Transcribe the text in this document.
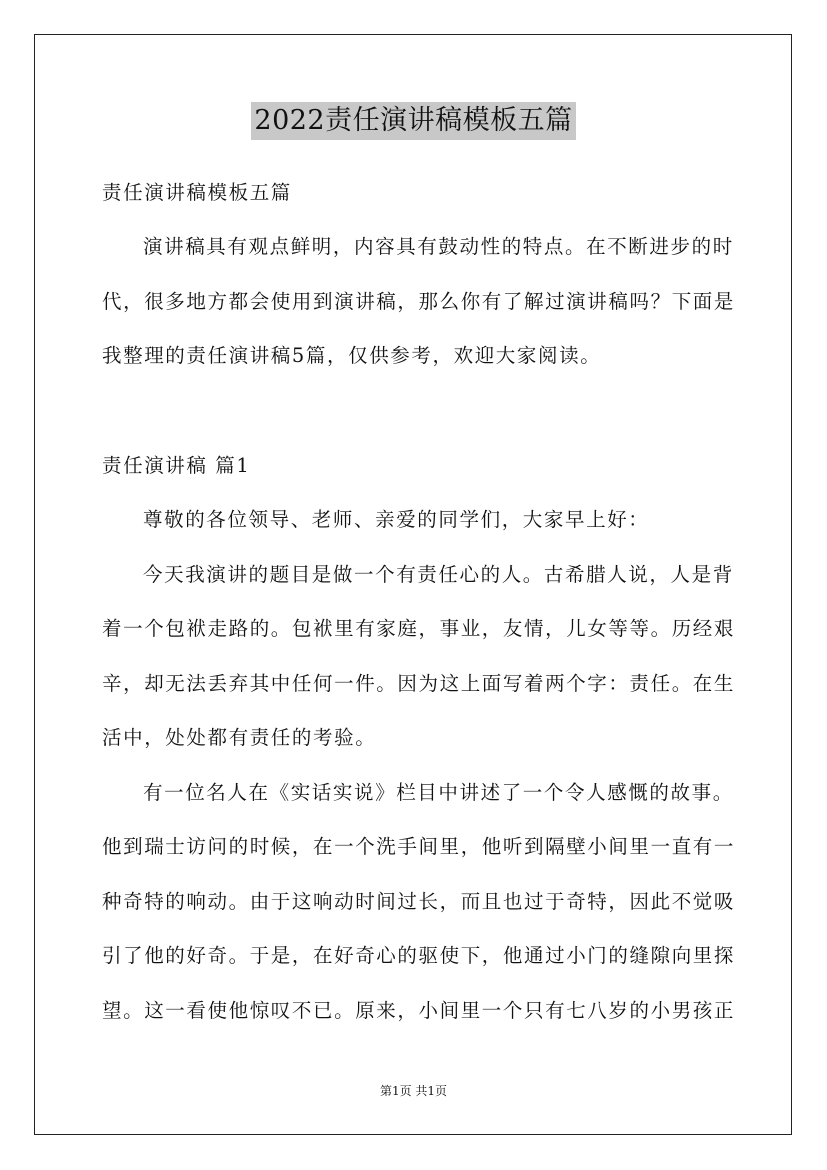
2022责任演讲稿模板五篇
责任演讲稿模板五篇
演讲稿具有观点鲜明，内容具有鼓动性的特点。在不断进步的时
代，很多地方都会使用到演讲稿，那么你有了解过演讲稿吗？下面是
我整理的责任演讲稿5篇，仅供参考，欢迎大家阅读。
责任演讲稿 篇1
尊敬的各位领导、老师、亲爱的同学们，大家早上好：
今天我演讲的题目是做一个有责任心的人。古希腊人说，人是背
着一个包袱走路的。包袱里有家庭，事业，友情，儿女等等。历经艰
辛，却无法丢弃其中任何一件。因为这上面写着两个字：责任。在生
活中，处处都有责任的考验。
有一位名人在《实话实说》栏目中讲述了一个令人感慨的故事。
他到瑞士访问的时候，在一个洗手间里，他听到隔壁小间里一直有一
种奇特的响动。由于这响动时间过长，而且也过于奇特，因此不觉吸
引了他的好奇。于是，在好奇心的驱使下，他通过小门的缝隙向里探
望。这一看使他惊叹不已。原来，小间里一个只有七八岁的小男孩正
第1页 共1页
